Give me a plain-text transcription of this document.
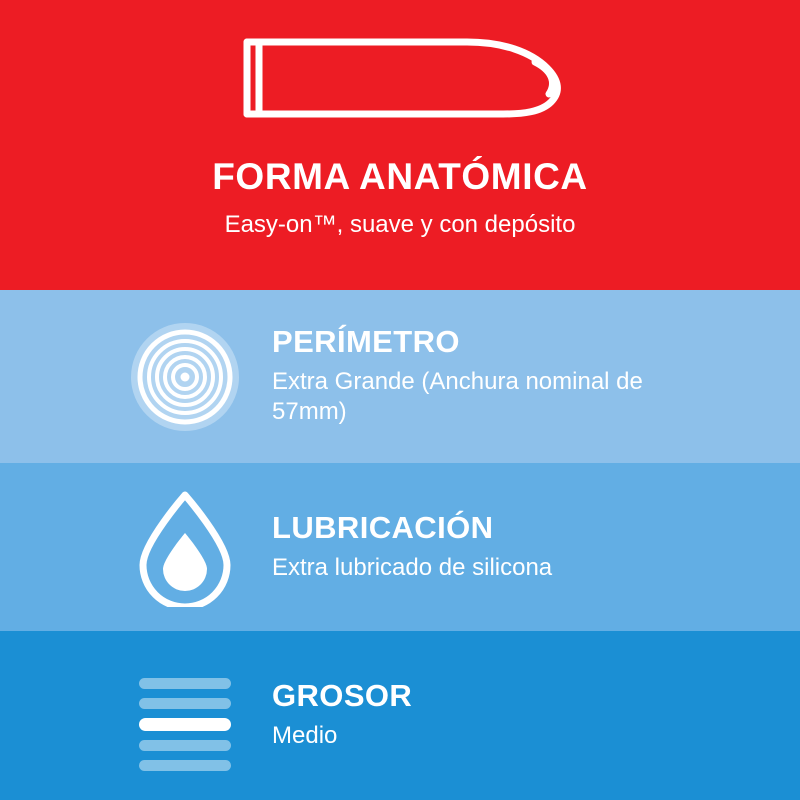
FORMA ANATÓMICA

Easy-on™, suave y con depósito

PERÍMETRO

Extra Grande (Anchura nominal de 57mm)

LUBRICACIÓN

Extra lubricado de silicona

GROSOR

Medio
